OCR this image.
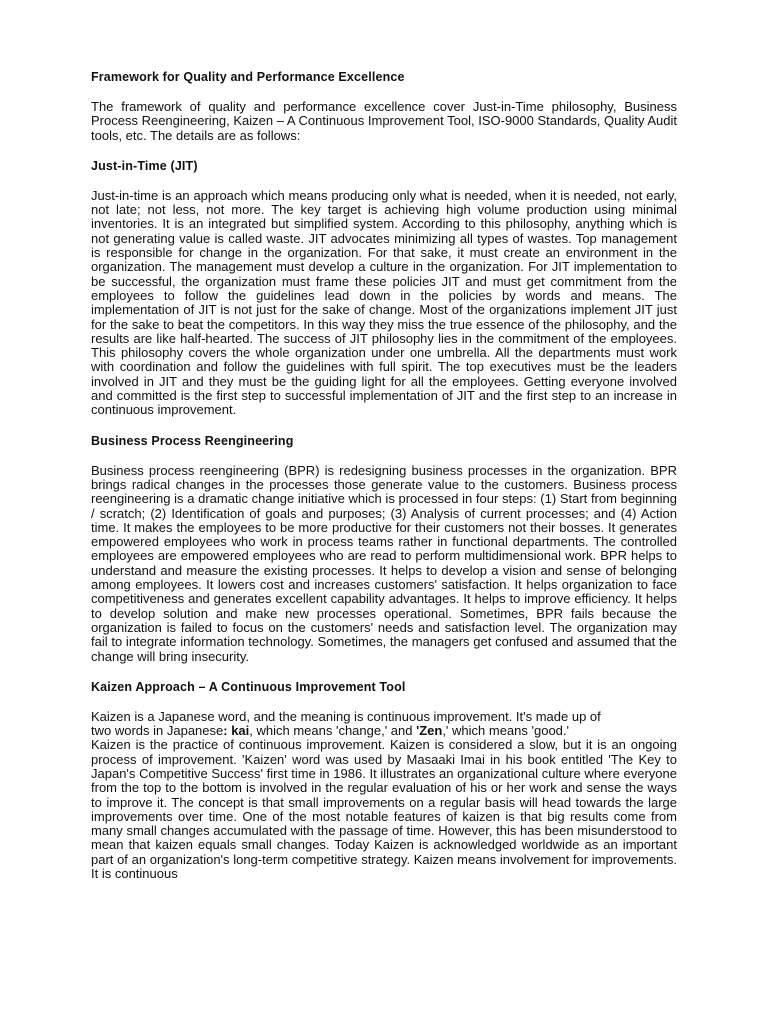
Framework for Quality and Performance Excellence

The framework of quality and performance excellence cover Just-in-Time philosophy, Business Process Reengineering, Kaizen – A Continuous Improvement Tool, ISO-9000 Standards, Quality Audit tools, etc. The details are as follows:

Just-in-Time (JIT)

Just-in-time is an approach which means producing only what is needed, when it is needed, not early, not late; not less, not more. The key target is achieving high volume production using minimal inventories. It is an integrated but simplified system. According to this philosophy, anything which is not generating value is called waste. JIT advocates minimizing all types of wastes. Top management is responsible for change in the organization. For that sake, it must create an environment in the organization. The management must develop a culture in the organization. For JIT implementation to be successful, the organization must frame these policies JIT and must get commitment from the employees to follow the guidelines lead down in the policies by words and means. The implementation of JIT is not just for the sake of change. Most of the organizations implement JIT just for the sake to beat the competitors. In this way they miss the true essence of the philosophy, and the results are like half-hearted. The success of JIT philosophy lies in the commitment of the employees. This philosophy covers the whole organization under one umbrella. All the departments must work with coordination and follow the guidelines with full spirit. The top executives must be the leaders involved in JIT and they must be the guiding light for all the employees. Getting everyone involved and committed is the first step to successful implementation of JIT and the first step to an increase in continuous improvement.

Business Process Reengineering

Business process reengineering (BPR) is redesigning business processes in the organization. BPR brings radical changes in the processes those generate value to the customers. Business process reengineering is a dramatic change initiative which is processed in four steps: (1) Start from beginning / scratch; (2) Identification of goals and purposes; (3) Analysis of current processes; and (4) Action time. It makes the employees to be more productive for their customers not their bosses. It generates empowered employees who work in process teams rather in functional departments. The controlled employees are empowered employees who are read to perform multidimensional work. BPR helps to understand and measure the existing processes. It helps to develop a vision and sense of belonging among employees. It lowers cost and increases customers' satisfaction. It helps organization to face competitiveness and generates excellent capability advantages. It helps to improve efficiency. It helps to develop solution and make new processes operational. Sometimes, BPR fails because the organization is failed to focus on the customers' needs and satisfaction level. The organization may fail to integrate information technology. Sometimes, the managers get confused and assumed that the change will bring insecurity.

Kaizen Approach – A Continuous Improvement Tool

Kaizen is a Japanese word, and the meaning is continuous improvement. It's made up of

two words in Japanese: kai, which means 'change,' and 'Zen,' which means 'good.'

Kaizen is the practice of continuous improvement. Kaizen is considered a slow, but it is an ongoing process of improvement. 'Kaizen' word was used by Masaaki Imai in his book entitled 'The Key to Japan's Competitive Success' first time in 1986. It illustrates an organizational culture where everyone from the top to the bottom is involved in the regular evaluation of his or her work and sense the ways to improve it. The concept is that small improvements on a regular basis will head towards the large improvements over time. One of the most notable features of kaizen is that big results come from many small changes accumulated with the passage of time. However, this has been misunderstood to mean that kaizen equals small changes. Today Kaizen is acknowledged worldwide as an important part of an organization's long-term competitive strategy. Kaizen means involvement for improvements. It is continuous
